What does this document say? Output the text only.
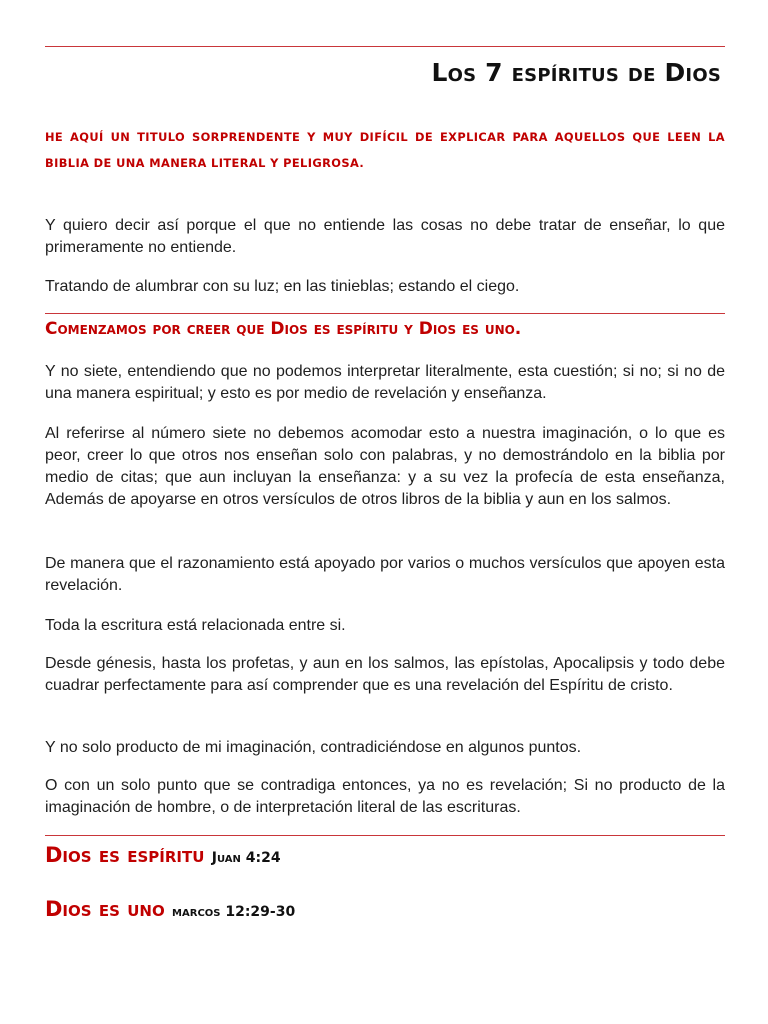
Los 7 espíritus de Dios

HE AQUÍ UN TITULO SORPRENDENTE Y MUY DIFÍCIL DE EXPLICAR PARA AQUELLOS QUE LEEN LA BIBLIA DE UNA MANERA LITERAL Y PELIGROSA.

Y quiero decir así porque el que no entiende las cosas no debe tratar de enseñar, lo que primeramente no entiende.

Tratando de alumbrar con su luz; en las tinieblas; estando el ciego.

Comenzamos por creer que Dios es espíritu y Dios es uno.

Y no siete, entendiendo que no podemos interpretar literalmente, esta cuestión; si no; si no de una manera espiritual; y esto es por medio de revelación y enseñanza.

Al referirse al número siete no debemos acomodar esto a nuestra imaginación, o lo que es peor, creer lo que otros nos enseñan solo con palabras, y no demostrándolo en la biblia por medio de citas; que aun incluyan la enseñanza: y a su vez la profecía de esta enseñanza, Además de apoyarse en otros versículos de otros libros de la biblia y aun en los salmos.

De manera que el razonamiento está apoyado por varios o muchos versículos que apoyen esta revelación.

Toda la escritura está relacionada entre si.

Desde génesis, hasta los profetas, y aun en los salmos, las epístolas, Apocalipsis y todo debe cuadrar perfectamente para así comprender que es una revelación del Espíritu de cristo.

Y no solo producto de mi imaginación, contradiciéndose en algunos puntos.

O con un solo punto que se contradiga entonces, ya no es revelación; Si no producto de la imaginación de hombre, o de interpretación literal de las escrituras.

Dios es espíritu Juan 4:24
Dios es uno marcos 12:29-30
